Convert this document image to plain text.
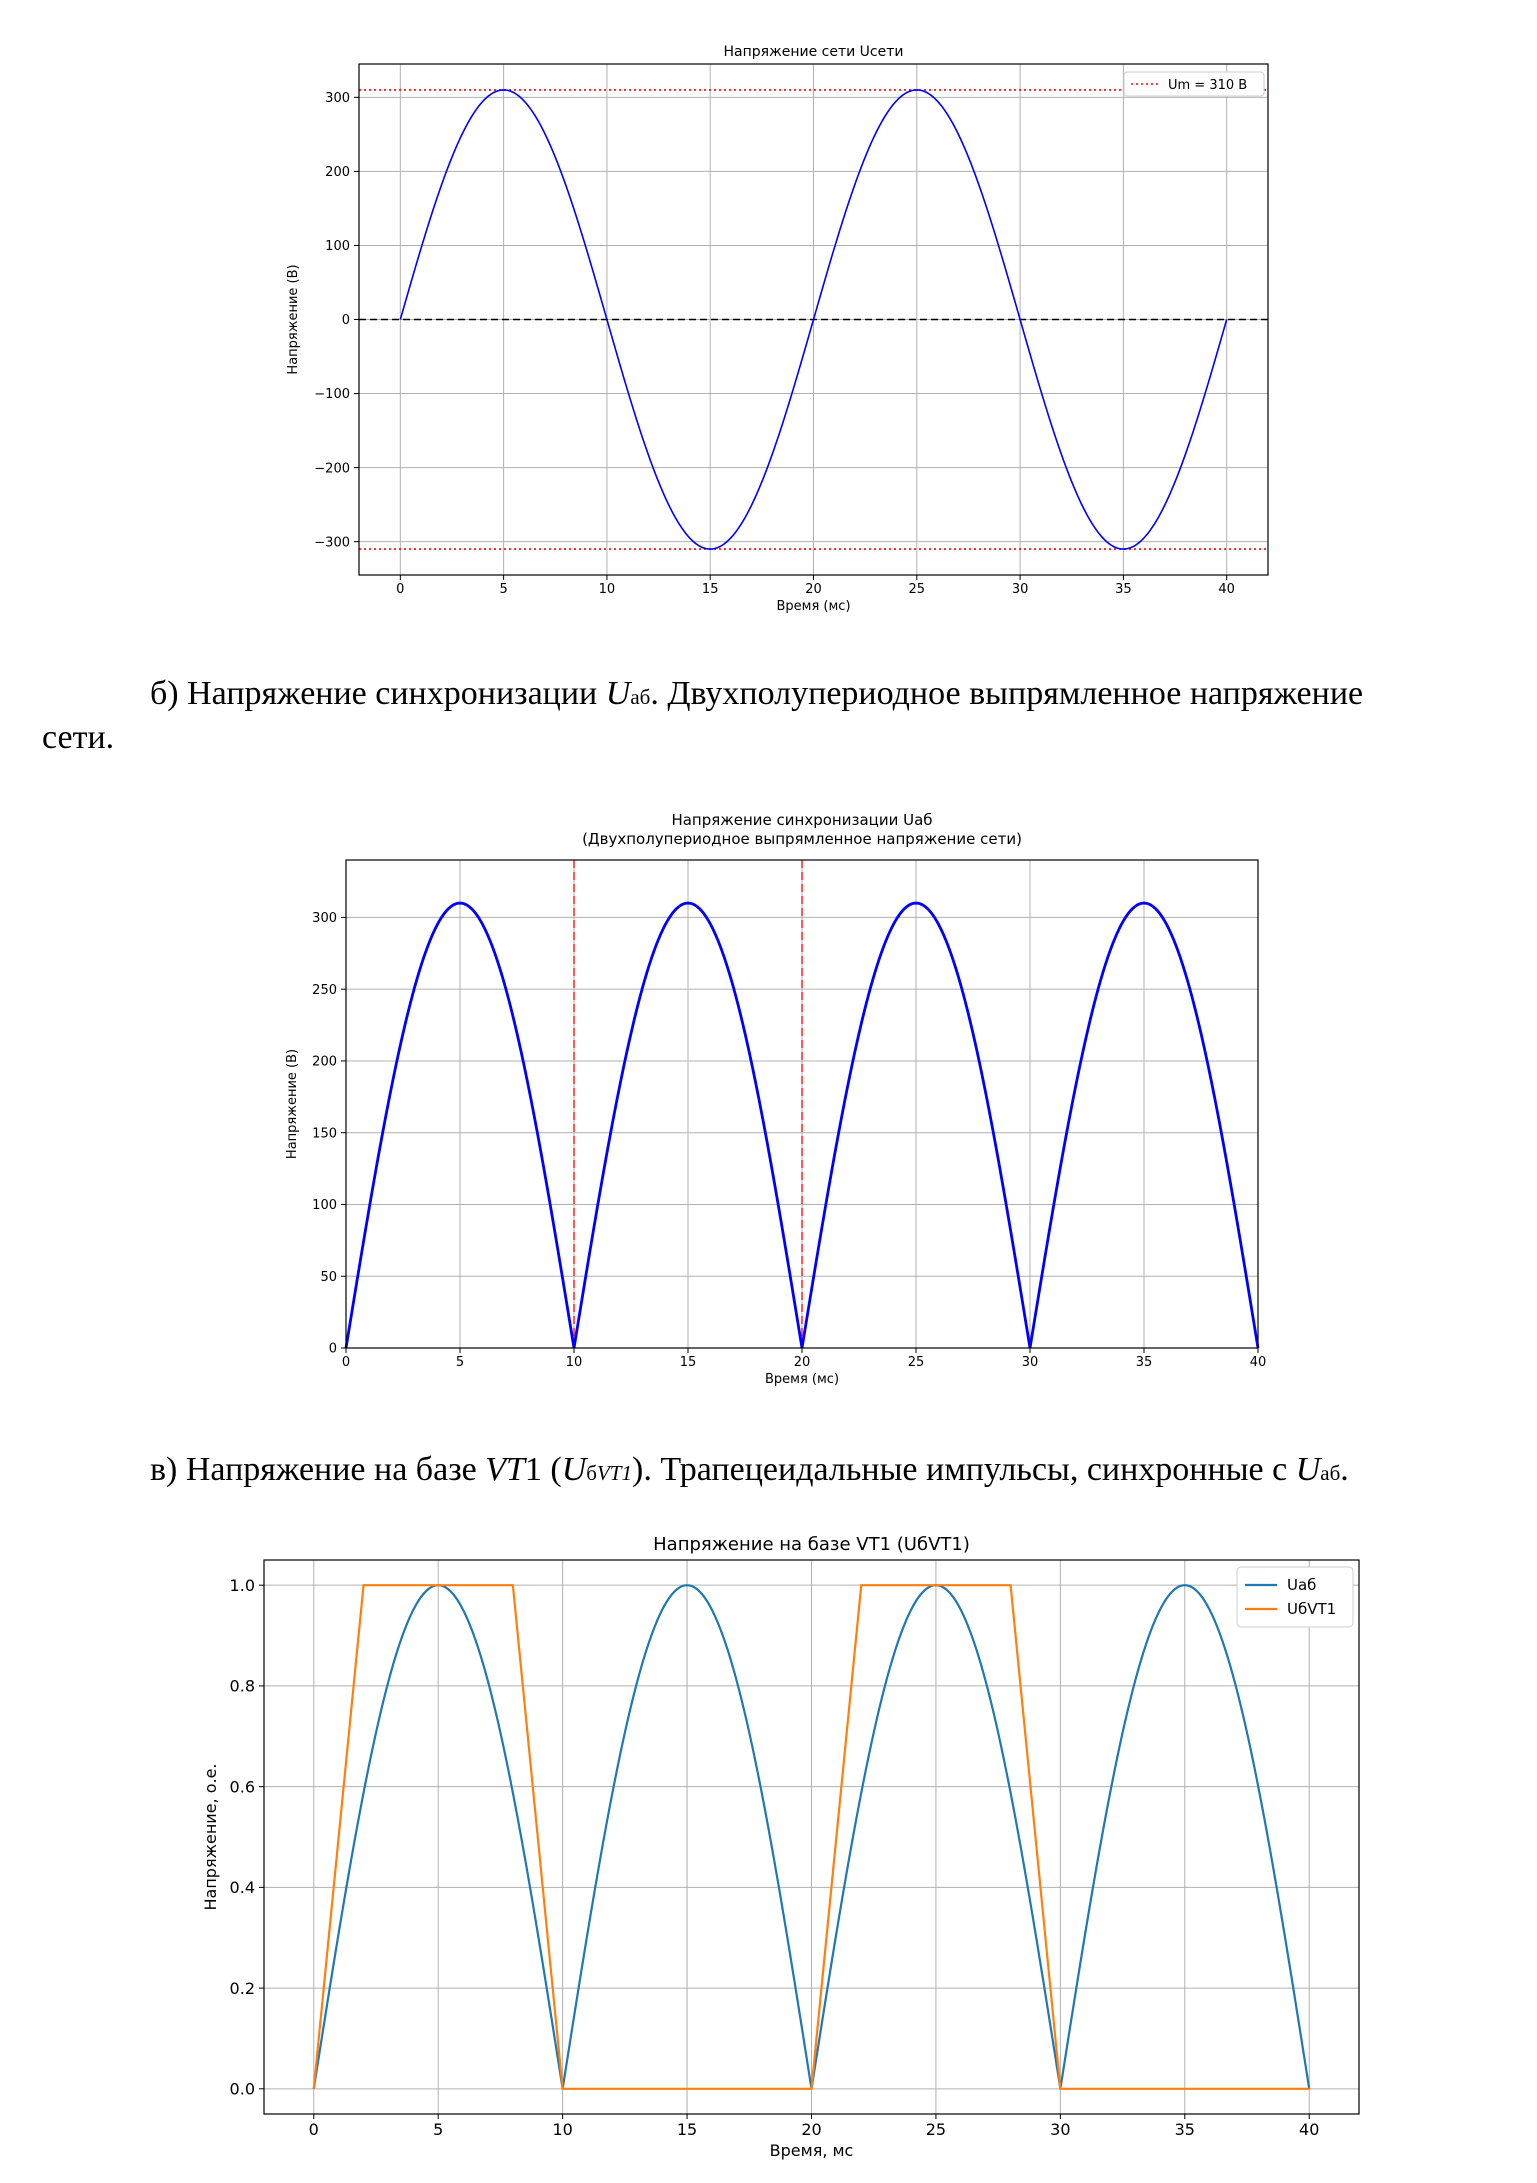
0	5	10	15	20	25	30	35	40
−300
−200
−100
0
100
200
300
Напряжение сети Uсети
Время (мс)
Напряжение (В)
Um = 310 В
б) Напряжение синхронизации Uаб. Двухполупериодное выпрямленное напряжение
сети.
0	5	10	15	20	25	30	35	40
0
50
100
150
200
250
300
Напряжение синхронизации Uаб
(Двухполупериодное выпрямленное напряжение сети)
Время (мс)
Напряжение (В)
в) Напряжение на базе VT1 (UбVT1). Трапецеидальные импульсы, синхронные с Uаб.
0	5	10	15	20	25	30	35	40
0.0
0.2
0.4
0.6
0.8
1.0
Напряжение на базе VT1 (UбVT1)
Время, мс
Напряжение, о.е.
Uаб
UбVT1
